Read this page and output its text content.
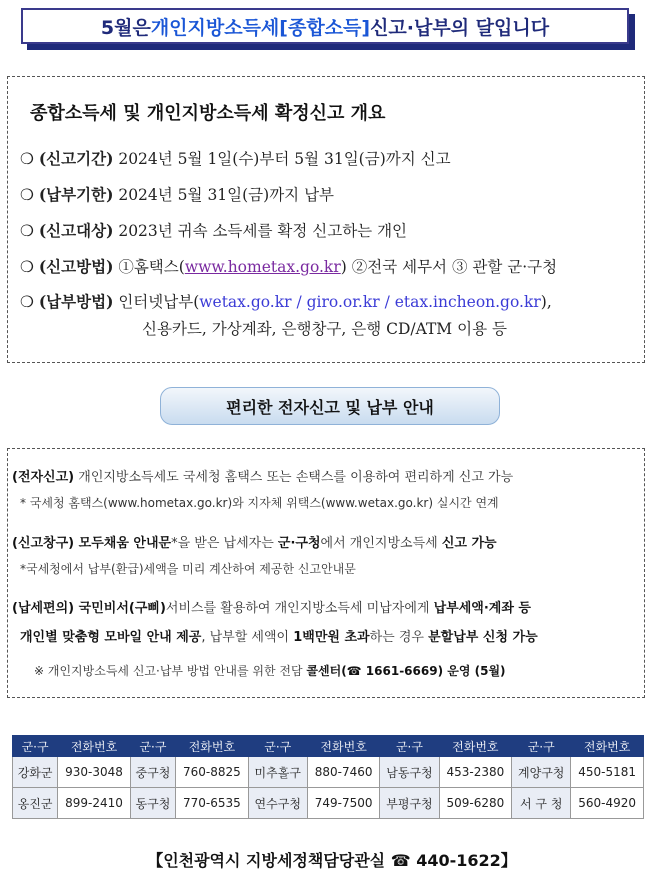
5월은 개인지방소득세[종합소득] 신고·납부의 달입니다
종합소득세 및 개인지방소득세 확정신고 개요
❍ (신고기간) 2024년 5월 1일(수)부터 5월 31일(금)까지 신고
❍ (납부기한) 2024년 5월 31일(금)까지 납부
❍ (신고대상) 2023년 귀속 소득세를 확정 신고하는 개인
❍ (신고방법) ①홈택스(www.hometax.go.kr) ②전국 세무서 ③ 관할 군·구청
❍ (납부방법) 인터넷납부(wetax.go.kr / giro.or.kr / etax.incheon.go.kr),
신용카드, 가상계좌, 은행창구, 은행 CD/ATM 이용 등
편리한 전자신고 및 납부 안내
(전자신고) 개인지방소득세도 국세청 홈택스 또는 손택스를 이용하여 편리하게 신고 가능
* 국세청 홈택스(www.hometax.go.kr)와 지자체 위택스(www.wetax.go.kr) 실시간 연계
(신고창구) 모두채움 안내문*을 받은 납세자는 군·구청에서 개인지방소득세 신고 가능
*국세청에서 납부(환급)세액을 미리 계산하여 제공한 신고안내문
(납세편의) 국민비서(구삐)서비스를 활용하여 개인지방소득세 미납자에게 납부세액·계좌 등
개인별 맞춤형 모바일 안내 제공, 납부할 세액이 1백만원 초과하는 경우 분할납부 신청 가능
※ 개인지방소득세 신고·납부 방법 안내를 위한 전담 콜센터(☎ 1661-6669) 운영 (5월)
군·구	전화번호	군·구	전화번호	군·구	전화번호	군·구	전화번호	군·구	전화번호
강화군	930-3048	중구청	760-8825	미추홀구	880-7460	남동구청	453-2380	계양구청	450-5181
옹진군	899-2410	동구청	770-6535	연수구청	749-7500	부평구청	509-6280	서 구 청	560-4920
【인천광역시 지방세정책담당관실 ☎ 440-1622】
